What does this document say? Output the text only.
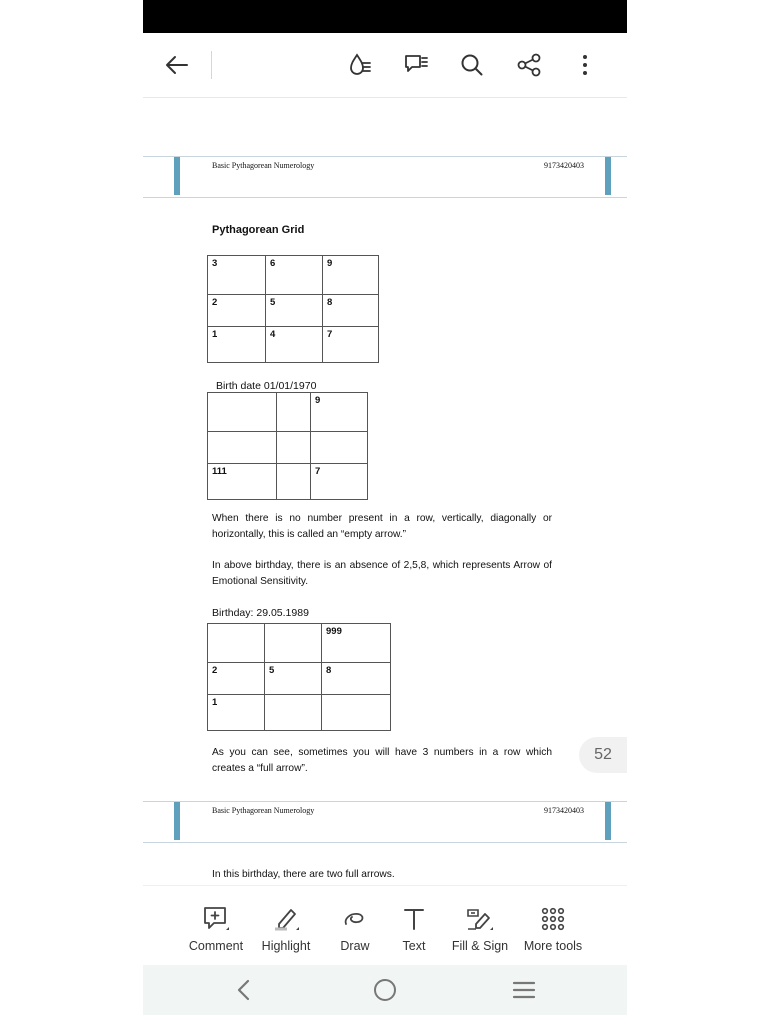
Basic Pythagorean Numerology	9173420403
Pythagorean Grid
3	6	9
2	5	8
1	4	7
Birth date 01/01/1970
		9

111		7
When there is no number present in a row, vertically, diagonally or horizontally, this is called an “empty arrow.”
In above birthday, there is an absence of 2,5,8, which represents Arrow of Emotional Sensitivity.
Birthday: 29.05.1989
		999
2	5	8
1		
As you can see, sometimes you will have 3 numbers in a row which creates a “full arrow”.
52
Basic Pythagorean Numerology	9173420403
In this birthday, there are two full arrows.
Comment	Highlight	Draw	Text	Fill & Sign	More tools
